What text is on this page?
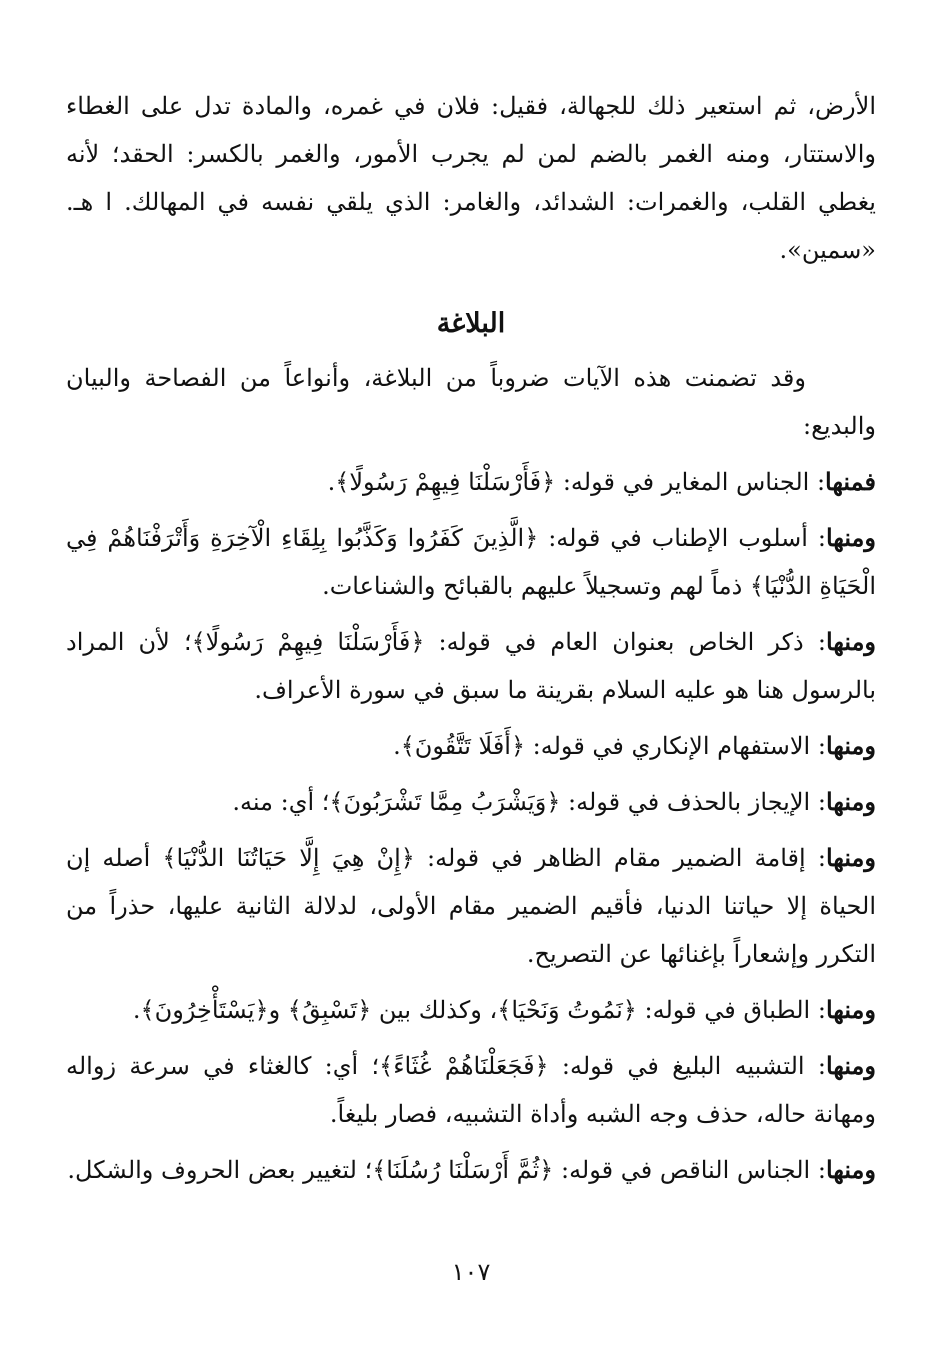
الأرض، ثم استعير ذلك للجهالة، فقيل: فلان في غمره، والمادة تدل على الغطاء والاستتار، ومنه الغمر بالضم لمن لم يجرب الأمور، والغمر بالكسر: الحقد؛ لأنه يغطي القلب، والغمرات: الشدائد، والغامر: الذي يلقي نفسه في المهالك. ا هـ. «سمين».

البلاغة

وقد تضمنت هذه الآيات ضروباً من البلاغة، وأنواعاً من الفصاحة والبيان والبديع:

فمنها: الجناس المغاير في قوله: ﴿فَأَرْسَلْنَا فِيهِمْ رَسُولًا﴾.

ومنها: أسلوب الإطناب في قوله: ﴿الَّذِينَ كَفَرُوا وَكَذَّبُوا بِلِقَاءِ الْآخِرَةِ وَأَتْرَفْنَاهُمْ فِي الْحَيَاةِ الدُّنْيَا﴾ ذماً لهم وتسجيلاً عليهم بالقبائح والشناعات.

ومنها: ذكر الخاص بعنوان العام في قوله: ﴿فَأَرْسَلْنَا فِيهِمْ رَسُولًا﴾؛ لأن المراد بالرسول هنا هو عليه السلام بقرينة ما سبق في سورة الأعراف.

ومنها: الاستفهام الإنكاري في قوله: ﴿أَفَلَا تَتَّقُونَ﴾.

ومنها: الإيجاز بالحذف في قوله: ﴿وَيَشْرَبُ مِمَّا تَشْرَبُونَ﴾؛ أي: منه.

ومنها: إقامة الضمير مقام الظاهر في قوله: ﴿إِنْ هِيَ إِلَّا حَيَاتُنَا الدُّنْيَا﴾ أصله إن الحياة إلا حياتنا الدنيا، فأقيم الضمير مقام الأولى، لدلالة الثانية عليها، حذراً من التكرر وإشعاراً بإغنائها عن التصريح.

ومنها: الطباق في قوله: ﴿نَمُوتُ وَنَحْيَا﴾، وكذلك بين ﴿تَسْبِقُ﴾ و﴿يَسْتَأْخِرُونَ﴾.

ومنها: التشبيه البليغ في قوله: ﴿فَجَعَلْنَاهُمْ غُثَاءً﴾؛ أي: كالغثاء في سرعة زواله ومهانة حاله، حذف وجه الشبه وأداة التشبيه، فصار بليغاً.

ومنها: الجناس الناقص في قوله: ﴿ثُمَّ أَرْسَلْنَا رُسُلَنَا﴾؛ لتغيير بعض الحروف والشكل.

١٠٧
